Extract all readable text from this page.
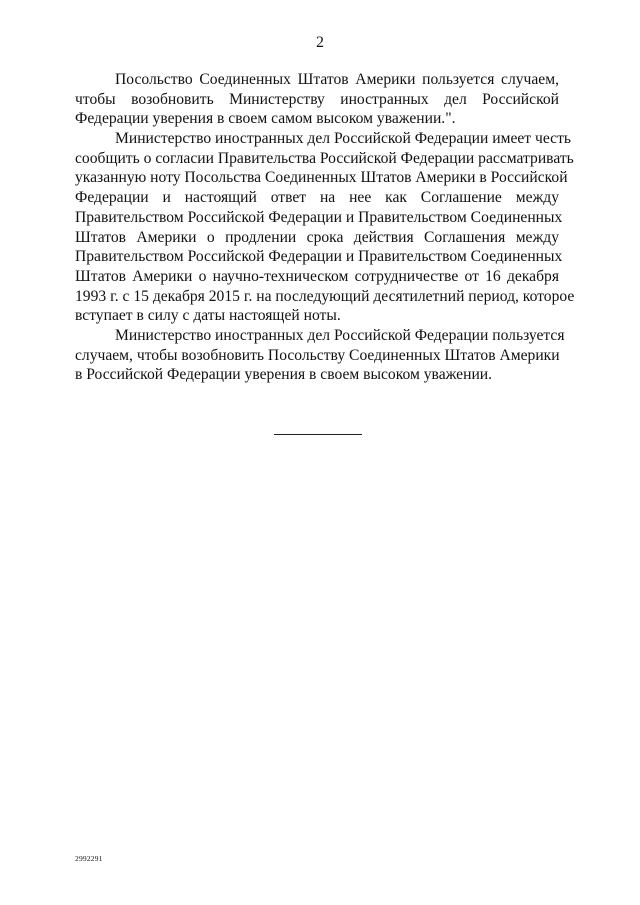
2
Посольство Соединенных Штатов Америки пользуется случаем,
чтобы возобновить Министерству иностранных дел Российской
Федерации уверения в своем самом высоком уважении.".
Министерство иностранных дел Российской Федерации имеет честь
сообщить о согласии Правительства Российской Федерации рассматривать
указанную ноту Посольства Соединенных Штатов Америки в Российской
Федерации и настоящий ответ на нее как Соглашение между
Правительством Российской Федерации и Правительством Соединенных
Штатов Америки о продлении срока действия Соглашения между
Правительством Российской Федерации и Правительством Соединенных
Штатов Америки о научно-техническом сотрудничестве от 16 декабря
1993 г. с 15 декабря 2015 г. на последующий десятилетний период, которое
вступает в силу с даты настоящей ноты.
Министерство иностранных дел Российской Федерации пользуется
случаем, чтобы возобновить Посольству Соединенных Штатов Америки
в Российской Федерации уверения в своем высоком уважении.
2992291
